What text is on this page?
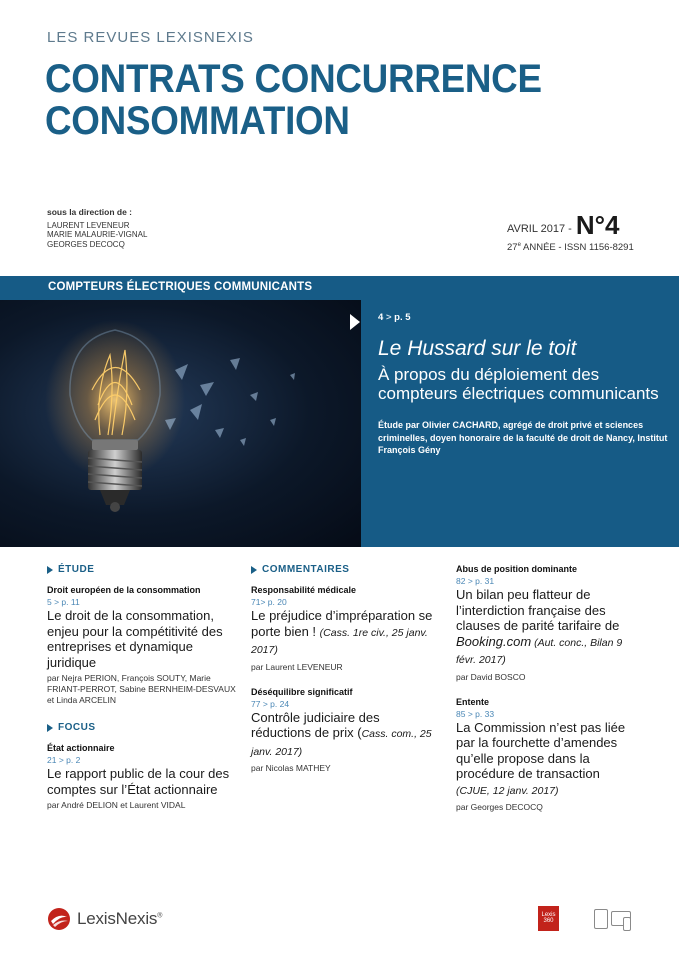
LES REVUES LEXISNEXIS
CONTRATS CONCURRENCE
CONSOMMATION
sous la direction de :
LAURENT LEVENEUR
MARIE MALAURIE-VIGNAL
GEORGES DECOCQ
AVRIL 2017 - N°4
27e ANNÉE - ISSN 1156-8291
COMPTEURS ÉLECTRIQUES COMMUNICANTS
4 > p. 5
Le Hussard sur le toit
À propos du déploiement des compteurs électriques communicants
Étude par Olivier CACHARD, agrégé de droit privé et sciences criminelles, doyen honoraire de la faculté de droit de Nancy, Institut François Gény
ÉTUDE
Droit européen de la consommation
5 > p. 11
Le droit de la consommation, enjeu pour la compétitivité des entreprises et dynamique juridique
par Nejra PERION, François SOUTY, Marie FRIANT-PERROT, Sabine BERNHEIM-DESVAUX et Linda ARCELIN
FOCUS
État actionnaire
21 > p. 2
Le rapport public de la cour des comptes sur l’État actionnaire
par André DELION et Laurent VIDAL
COMMENTAIRES
Responsabilité médicale
71> p. 20
Le préjudice d’impréparation se porte bien ! (Cass. 1re civ., 25 janv. 2017)
par Laurent LEVENEUR
Déséquilibre significatif
77 > p. 24
Contrôle judiciaire des réductions de prix (Cass. com., 25 janv. 2017)
par Nicolas MATHEY
Abus de position dominante
82 > p. 31
Un bilan peu flatteur de l’interdiction française des clauses de parité tarifaire de Booking.com (Aut. conc., Bilan 9 févr. 2017)
par David BOSCO
Entente
85 > p. 33
La Commission n’est pas liée par la fourchette d’amendes qu’elle propose dans la procédure de transaction (CJUE, 12 janv. 2017)
par Georges DECOCQ
LexisNexis®	Lexis 360
